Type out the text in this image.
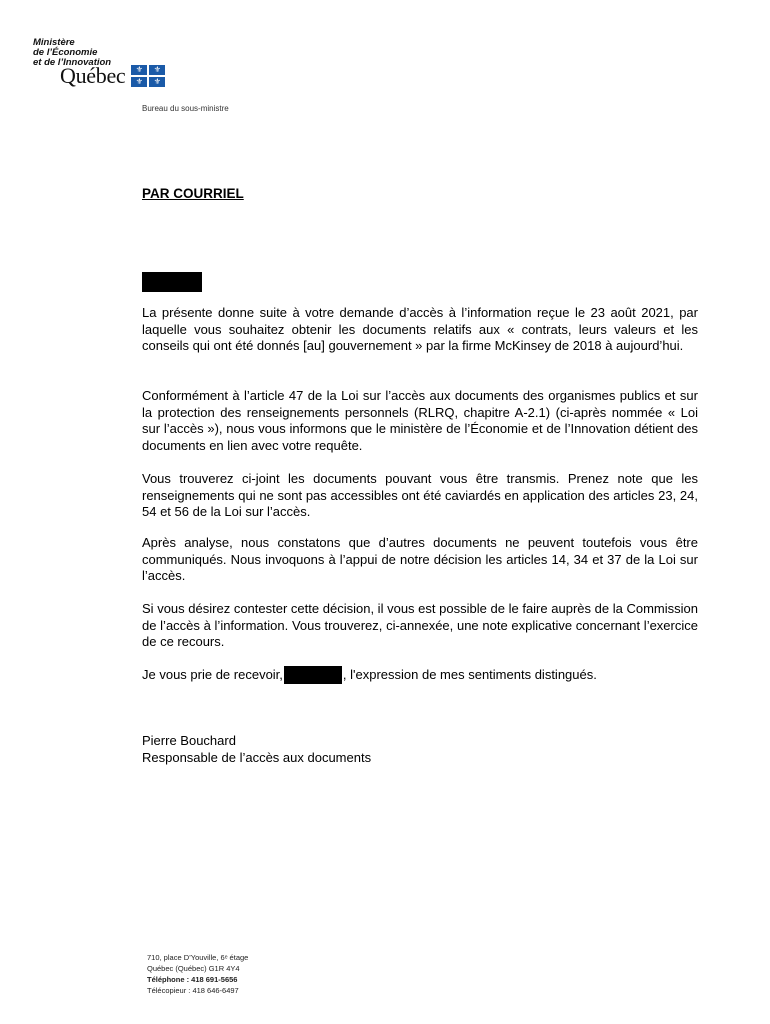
Ministère
de l’Économie
et de l’Innovation
Québec	⚜	⚜
⚜	⚜
Bureau du sous-ministre
PAR COURRIEL

La présente donne suite à votre demande d’accès à l’information reçue le 23 août 2021, par laquelle vous souhaitez obtenir les documents relatifs aux « contrats, leurs valeurs et les conseils qui ont été donnés [au] gouvernement » par la firme McKinsey de 2018 à aujourd’hui.

Conformément à l’article 47 de la Loi sur l’accès aux documents des organismes publics et sur la protection des renseignements personnels (RLRQ, chapitre A-2.1) (ci-après nommée « Loi sur l’accès »), nous vous informons que le ministère de l’Économie et de l’Innovation détient des documents en lien avec votre requête.

Vous trouverez ci-joint les documents pouvant vous être transmis. Prenez note que les renseignements qui ne sont pas accessibles ont été caviardés en application des articles 23, 24, 54 et 56 de la Loi sur l’accès.

Après analyse, nous constatons que d’autres documents ne peuvent toutefois vous être communiqués. Nous invoquons à l’appui de notre décision les articles 14, 34 et 37 de la Loi sur l’accès.

Si vous désirez contester cette décision, il vous est possible de le faire auprès de la Commission de l’accès à l’information. Vous trouverez, ci-annexée, une note explicative concernant l’exercice de ce recours.

Je vous prie de recevoir,	, l'expression de mes sentiments distingués.
Pierre Bouchard
Responsable de l’accès aux documents
710, place D’Youville, 6ᵉ étage
Québec (Québec) G1R 4Y4
Téléphone : 418 691-5656
Télécopieur : 418 646-6497
